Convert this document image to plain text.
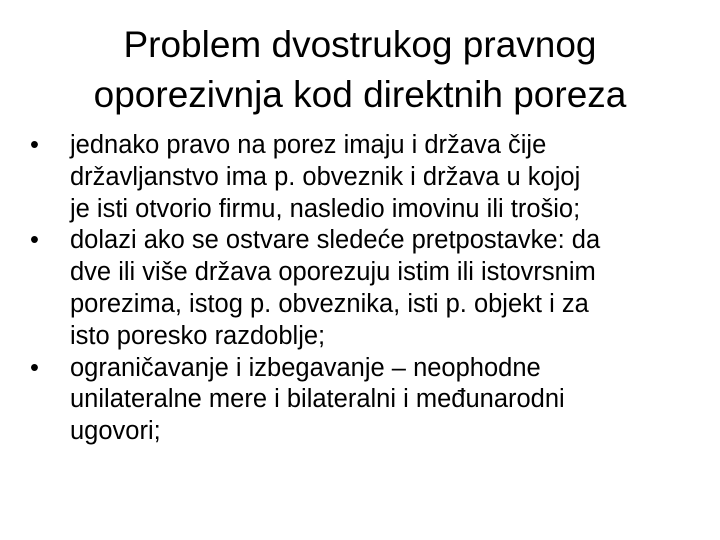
Problem dvostrukog pravnog
oporezivnja kod direktnih poreza
•	jednako pravo na porez imaju i država čije
državljanstvo ima p. obveznik i država u kojoj
je isti otvorio firmu, nasledio imovinu ili trošio;
•	dolazi ako se ostvare sledeće pretpostavke: da
dve ili više država oporezuju istim ili istovrsnim
porezima, istog p. obveznika, isti p. objekt i za
isto poresko razdoblje;
•	ograničavanje i izbegavanje – neophodne
unilateralne mere i bilateralni i međunarodni
ugovori;
